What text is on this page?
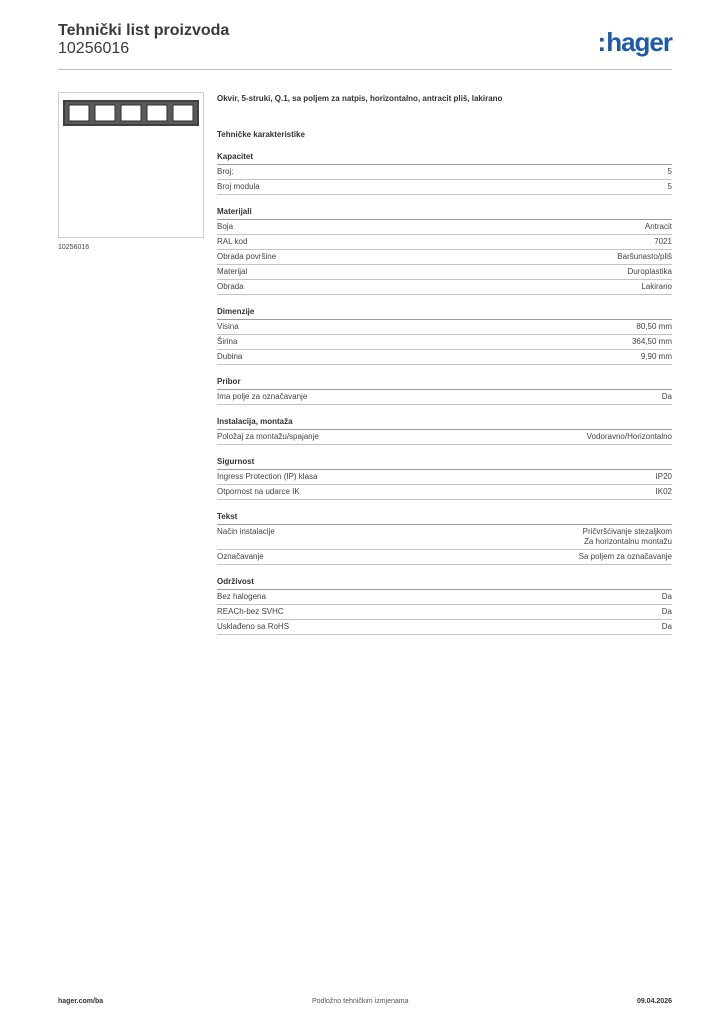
Tehnički list proizvoda
10256016	:hager
10256016
Okvir, 5-struki, Q.1, sa poljem za natpis, horizontalno, antracit pliš, lakirano
Tehničke karakteristike
Kapacitet
Broj:	5
Broj modula	5
Materijali
Boja	Antracit
RAL kod	7021
Obrada površine	Baršunasto/pliš
Materijal	Duroplastika
Obrada	Lakirano
Dimenzije
Visina	80,50 mm
Širina	364,50 mm
Dubina	9,90 mm
Pribor
Ima polje za označavanje	Da
Instalacija, montaža
Položaj za montažu/spajanje	Vodoravno/Horizontalno
Sigurnost
Ingress Protection (IP) klasa	IP20
Otpornost na udarce IK	IK02
Tekst
Način instalacije	Pričvršćivanje stezaljkom
Za horizontalnu montažu
Označavanje	Sa poljem za označavanje
Održivost
Bez halogena	Da
REACh-bez SVHC	Da
Usklađeno sa RoHS	Da
hager.com/ba	Podložno tehničkim izmjenama	09.04.2026
